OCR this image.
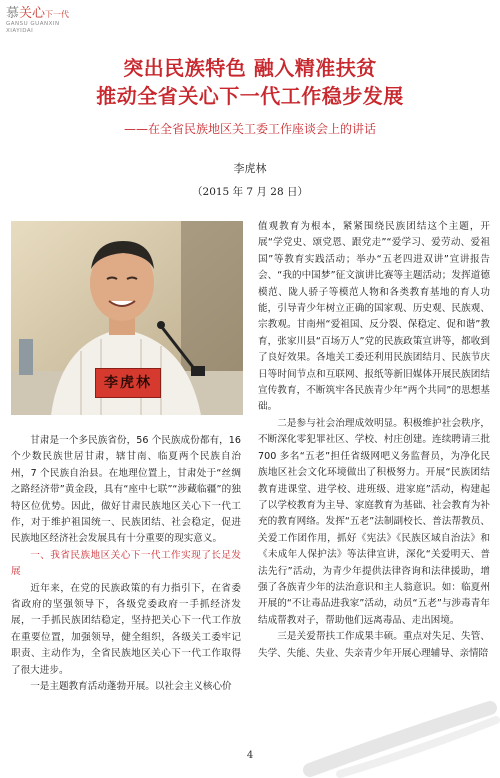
慕关心下一代
GANSU GUANXIN
XIAYIDAI
突出民族特色 融入精准扶贫
推动全省关心下一代工作稳步发展
——在全省民族地区关工委工作座谈会上的讲话
李虎林
（2015 年 7 月 28 日）
李虎林

甘肃是一个多民族省份，56 个民族成份都有，16 个少数民族世居甘肃，辖甘南、临夏两个民族自治州，7 个民族自治县。在地理位置上，甘肃处于“丝绸之路经济带”黄金段，具有“座中七联”“涉藏临疆”的独特区位优势。因此，做好甘肃民族地区关心下一代工作，对于维护祖国统一、民族团结、社会稳定，促进民族地区经济社会发展具有十分重要的现实意义。

一、我省民族地区关心下一代工作实现了长足发展

近年来，在党的民族政策的有力指引下，在省委省政府的坚强领导下，各级党委政府一手抓经济发展，一手抓民族团结稳定，坚持把关心下一代工作放在重要位置，加强领导，健全组织，各级关工委牢记职责、主动作为，全省民族地区关心下一代工作取得了很大进步。

一是主题教育活动蓬勃开展。以社会主义核心价

值观教育为根本，紧紧围绕民族团结这个主题，开展“学党史、颂党恩、跟党走”“爱学习、爱劳动、爱祖国”等教育实践活动；举办“五老四进双讲”宣讲报告会、“我的中国梦”征文演讲比赛等主题活动；发挥道德模范、陇人骄子等模范人物和各类教育基地的育人功能，引导青少年树立正确的国家观、历史观、民族观、宗教观。甘南州“爱祖国、反分裂、保稳定、促和谐”教育，张家川县“百场万人”党的民族政策宣讲等，都收到了良好效果。各地关工委还利用民族团结月、民族节庆日等时间节点和互联网、报纸等新旧媒体开展民族团结宣传教育，不断筑牢各民族青少年“两个共同”的思想基础。

二是参与社会治理成效明显。积极维护社会秩序，不断深化零犯罪社区、学校、村庄创建。连续聘请三批700 多名“五老”担任省级网吧义务监督员，为净化民族地区社会文化环境做出了积极努力。开展“民族团结教育进课堂、进学校、进班级、进家庭”活动，构建起了以学校教育为主导、家庭教育为基础、社会教育为补充的教育网络。发挥“五老”法制副校长、普法帮教员、关爱工作团作用，抓好《宪法》《民族区域自治法》和《未成年人保护法》等法律宣讲，深化“关爱明天、普法先行”活动，为青少年提供法律咨询和法律援助，增强了各族青少年的法治意识和主人翁意识。如：临夏州开展的“不让毒品进我家”活动，动员“五老”与涉毒青年结成帮教对子，帮助他们远离毒品、走出困境。

三是关爱帮扶工作成果丰硕。重点对失足、失管、失学、失能、失业、失亲青少年开展心理辅导、亲情陪

4
